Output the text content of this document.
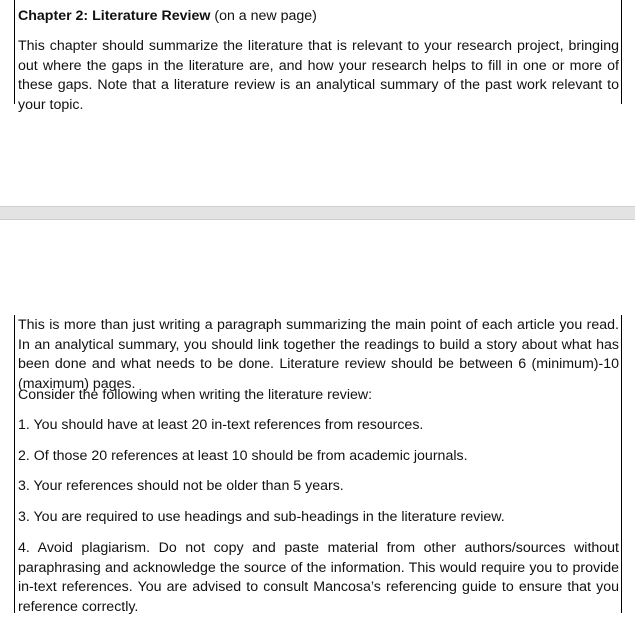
Chapter 2: Literature Review (on a new page)

This chapter should summarize the literature that is relevant to your research project, bringing out where the gaps in the literature are, and how your research helps to fill in one or more of these gaps. Note that a literature review is an analytical summary of the past work relevant to your topic.

This is more than just writing a paragraph summarizing the main point of each article you read. In an analytical summary, you should link together the readings to build a story about what has been done and what needs to be done. Literature review should be between 6 (minimum)-10 (maximum) pages.

Consider the following when writing the literature review:

1. You should have at least 20 in-text references from resources.

2. Of those 20 references at least 10 should be from academic journals.

3. Your references should not be older than 5 years.

3. You are required to use headings and sub-headings in the literature review.

4. Avoid plagiarism. Do not copy and paste material from other authors/sources without paraphrasing and acknowledge the source of the information. This would require you to provide in-text references. You are advised to consult Mancosa’s referencing guide to ensure that you reference correctly.
